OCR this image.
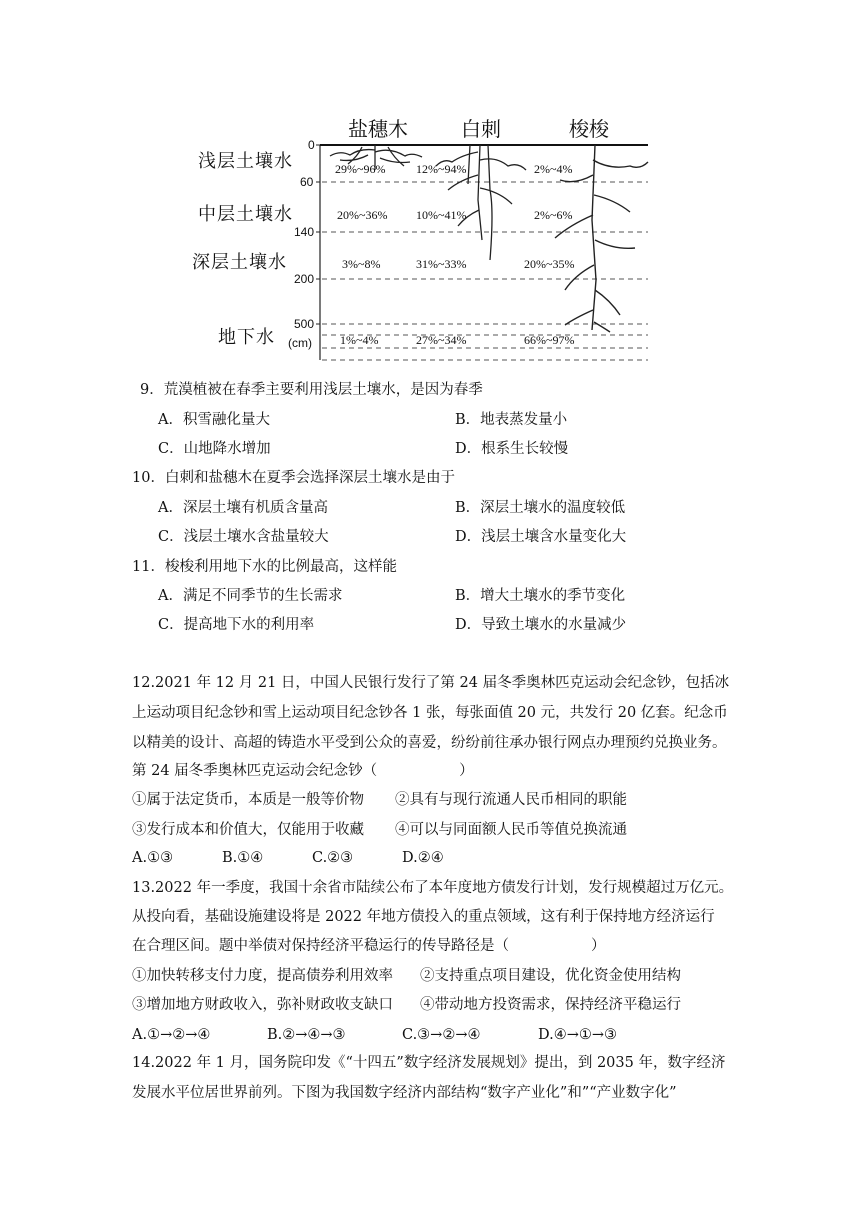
盐穗木	白刺	梭梭
浅层土壤水
中层土壤水
深层土壤水
地下水
0
60
140
200
500
(cm)
29%~96%	12%~94%	2%~4%
20%~36% 10%~41%	2%~6%
3%~8%	31%~33%	20%~35%
1%~4%	27%~34%	66%~97%
9．荒漠植被在春季主要利用浅层土壤水，是因为春季
A．积雪融化量大	B．地表蒸发量小
C．山地降水增加	D．根系生长较慢
10．白刺和盐穗木在夏季会选择深层土壤水是由于
A．深层土壤有机质含量高	B．深层土壤水的温度较低
C．浅层土壤水含盐量较大	D．浅层土壤含水量变化大
11．梭梭利用地下水的比例最高，这样能
A．满足不同季节的生长需求	B．增大土壤水的季节变化
C．提高地下水的利用率	D．导致土壤水的水量减少
12.2021 年 12 月 21 日，中国人民银行发行了第 24 届冬季奥林匹克运动会纪念钞，包括冰
上运动项目纪念钞和雪上运动项目纪念钞各 1 张，每张面值 20 元，共发行 20 亿套。纪念币
以精美的设计、高超的铸造水平受到公众的喜爱，纷纷前往承办银行网点办理预约兑换业务。
第 24 届冬季奥林匹克运动会纪念钞（	）
①属于法定货币，本质是一般等价物 ②具有与现行流通人民币相同的职能
③发行成本和价值大，仅能用于收藏 ④可以与同面额人民币等值兑换流通
A.①③	B.①④	C.②③	D.②④
13.2022 年一季度，我国十余省市陆续公布了本年度地方债发行计划，发行规模超过万亿元。
从投向看，基础设施建设将是 2022 年地方债投入的重点领域，这有利于保持地方经济运行
在合理区间。题中举债对保持经济平稳运行的传导路径是（	）
①加快转移支付力度，提高债券利用效率 ②支持重点项目建设，优化资金使用结构
③增加地方财政收入，弥补财政收支缺口 ④带动地方投资需求，保持经济平稳运行
A.①→②→④	B.②→④→③	C.③→②→④	D.④→①→③
14.2022 年 1 月，国务院印发《“十四五”数字经济发展规划》提出，到 2035 年，数字经济
发展水平位居世界前列。下图为我国数字经济内部结构“数字产业化”和”“产业数字化”
